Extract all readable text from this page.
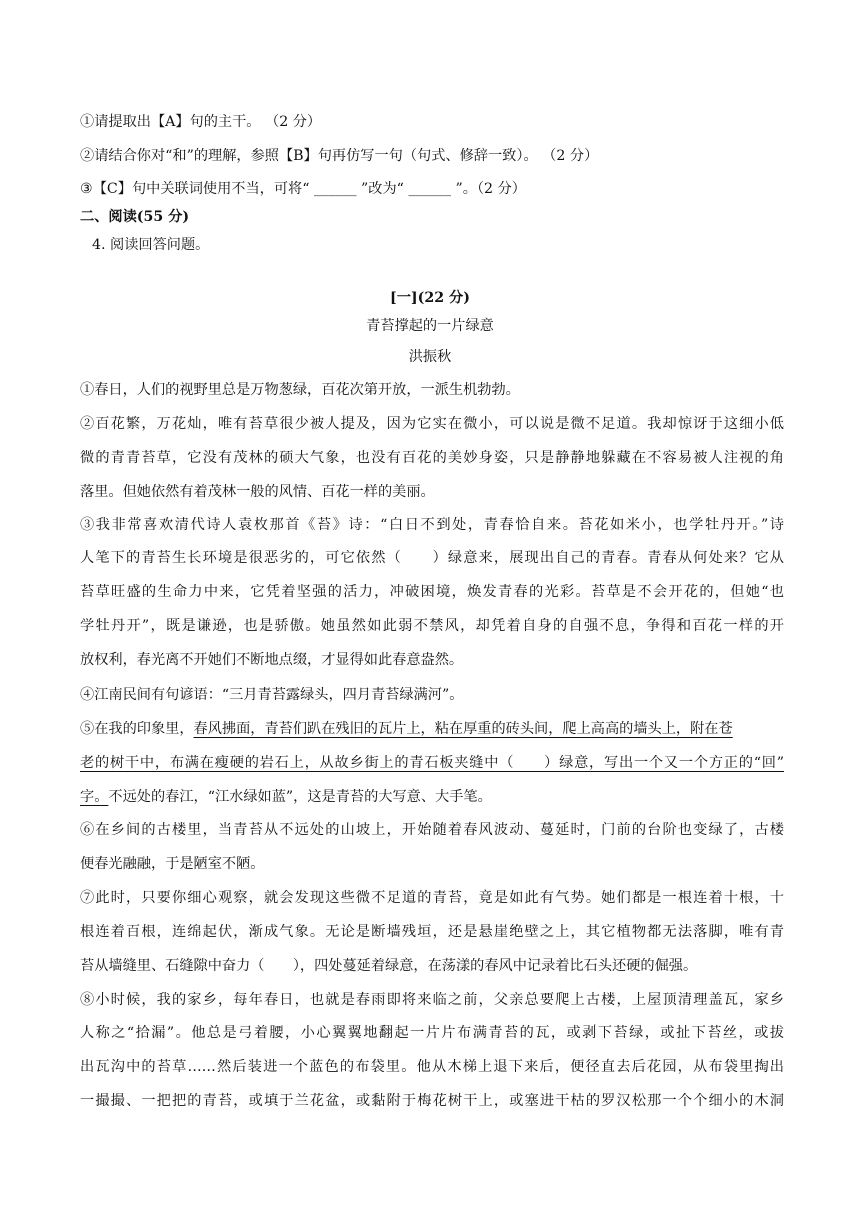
①请提取出【A】句的主干。 （2 分）
②请结合你对“和”的理解，参照【B】句再仿写一句（句式、修辞一致）。 （2 分）
③【C】句中关联词使用不当，可将“ ______ ”改为“ ______ ”。（2 分）
二、阅读(55 分)
4. 阅读回答问题。
[一](22 分)
青苔撑起的一片绿意
洪振秋
①春日，人们的视野里总是万物葱绿，百花次第开放，一派生机勃勃。
②百花繁，万花灿，唯有苔草很少被人提及，因为它实在微小，可以说是微不足道。我却惊讶于这细小低
微的青青苔草，它没有茂林的硕大气象，也没有百花的美妙身姿，只是静静地躲藏在不容易被人注视的角
落里。但她依然有着茂林一般的风情、百花一样的美丽。
③我非常喜欢清代诗人袁枚那首《苔》诗：“白日不到处，青春恰自来。苔花如米小，也学牡丹开。”诗
人笔下的青苔生长环境是很恶劣的，可它依然（　　）绿意来，展现出自己的青春。青春从何处来？它从
苔草旺盛的生命力中来，它凭着坚强的活力，冲破困境，焕发青春的光彩。苔草是不会开花的，但她“也
学牡丹开”，既是谦逊，也是骄傲。她虽然如此弱不禁风，却凭着自身的自强不息，争得和百花一样的开
放权利，春光离不开她们不断地点缀，才显得如此春意盎然。
④江南民间有句谚语：“三月青苔露绿头，四月青苔绿满河”。
⑤在我的印象里，春风拂面，青苔们趴在残旧的瓦片上，粘在厚重的砖头间，爬上高高的墙头上，附在苍
老的树干中，布满在瘦硬的岩石上，从故乡街上的青石板夹缝中（　　）绿意，写出一个又一个方正的“回”
字。不远处的春江，“江水绿如蓝”，这是青苔的大写意、大手笔。
⑥在乡间的古楼里，当青苔从不远处的山坡上，开始随着春风波动、蔓延时，门前的台阶也变绿了，古楼
便春光融融，于是陋室不陋。
⑦此时，只要你细心观察，就会发现这些微不足道的青苔，竟是如此有气势。她们都是一根连着十根，十
根连着百根，连绵起伏，渐成气象。无论是断墙残垣，还是悬崖绝壁之上，其它植物都无法落脚，唯有青
苔从墙缝里、石缝隙中奋力（　　），四处蔓延着绿意，在荡漾的春风中记录着比石头还硬的倔强。
⑧小时候，我的家乡，每年春日，也就是春雨即将来临之前，父亲总要爬上古楼，上屋顶清理盖瓦，家乡
人称之“拾漏”。他总是弓着腰，小心翼翼地翻起一片片布满青苔的瓦，或剥下苔绿，或扯下苔丝，或拔
出瓦沟中的苔草……然后装进一个蓝色的布袋里。他从木梯上退下来后，便径直去后花园，从布袋里掏出
一撮撮、一把把的青苔，或填于兰花盆，或黏附于梅花树干上，或塞进干枯的罗汉松那一个个细小的木洞
